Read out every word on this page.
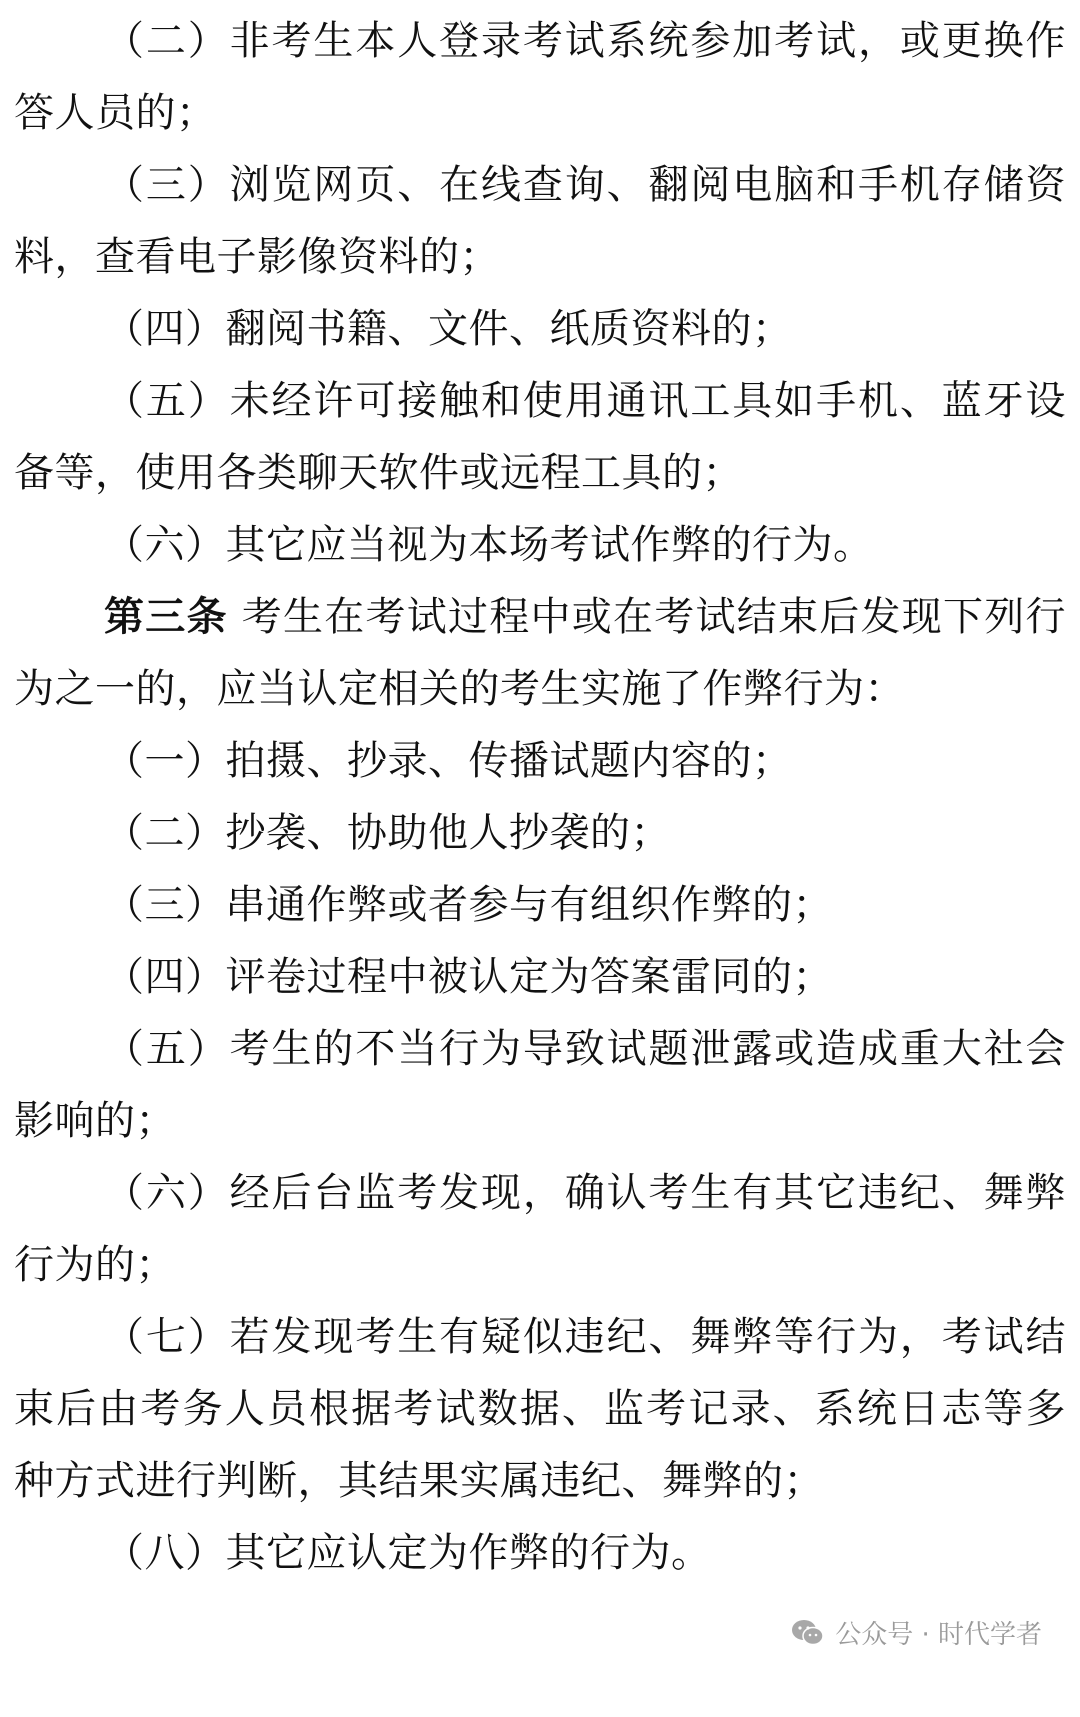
（二）非考生本人登录考试系统参加考试，或更换作答人员的；

（三）浏览网页、在线查询、翻阅电脑和手机存储资料，查看电子影像资料的；

（四）翻阅书籍、文件、纸质资料的；

（五）未经许可接触和使用通讯工具如手机、蓝牙设备等，使用各类聊天软件或远程工具的；

（六）其它应当视为本场考试作弊的行为。

第三条 考生在考试过程中或在考试结束后发现下列行为之一的，应当认定相关的考生实施了作弊行为：

（一）拍摄、抄录、传播试题内容的；

（二）抄袭、协助他人抄袭的；

（三）串通作弊或者参与有组织作弊的；

（四）评卷过程中被认定为答案雷同的；

（五）考生的不当行为导致试题泄露或造成重大社会影响的；

（六）经后台监考发现，确认考生有其它违纪、舞弊行为的；

（七）若发现考生有疑似违纪、舞弊等行为，考试结束后由考务人员根据考试数据、监考记录、系统日志等多种方式进行判断，其结果实属违纪、舞弊的；

（八）其它应认定为作弊的行为。

公众号 · 时代学者
